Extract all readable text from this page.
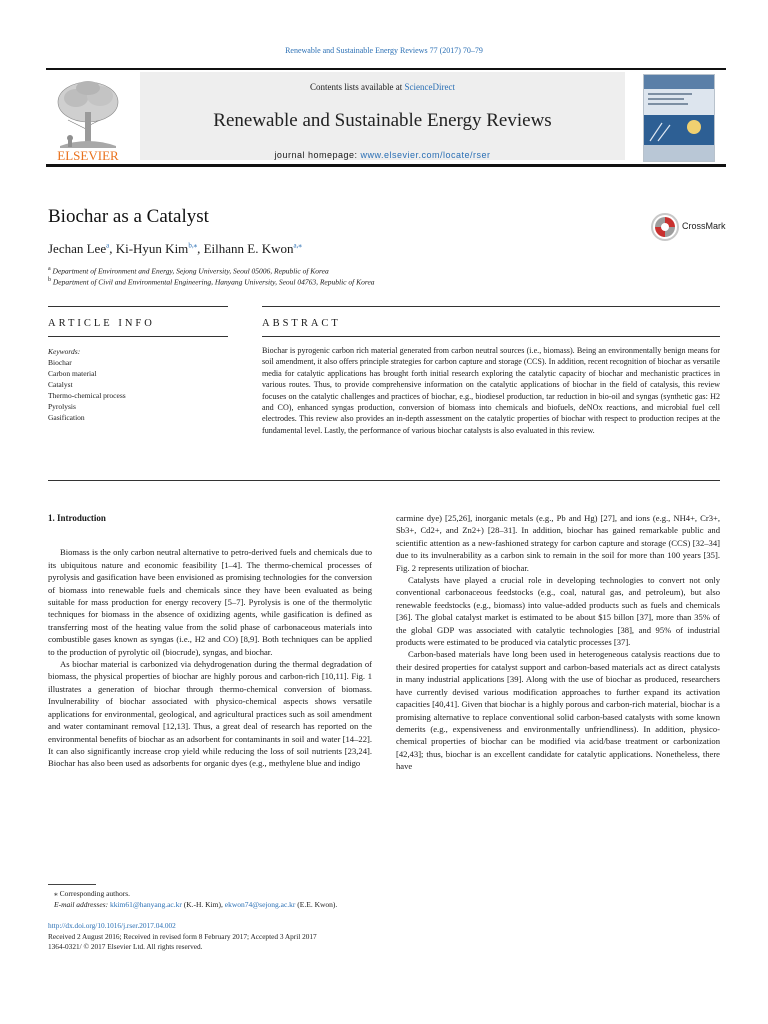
Renewable and Sustainable Energy Reviews 77 (2017) 70–79
ELSEVIER
Contents lists available at ScienceDirect
Renewable and Sustainable Energy Reviews
journal homepage: www.elsevier.com/locate/rser
Biochar as a Catalyst	CrossMark
Jechan Lee$^a$, Ki-Hyun Kim$^{b,⁎}$, Eilhann E. Kwon$^{a,⁎}$
$^a$ Department of Environment and Energy, Sejong University, Seoul 05006, Republic of Korea
$^b$ Department of Civil and Environmental Engineering, Hanyang University, Seoul 04763, Republic of Korea
ARTICLE INFO	ABSTRACT
Keywords:
Biochar
Carbon material
Catalyst
Thermo-chemical process
Pyrolysis
Gasification
Biochar is pyrogenic carbon rich material generated from carbon neutral sources (i.e., biomass). Being an environmentally benign means for soil amendment, it also offers principle strategies for carbon capture and storage (CCS). In addition, recent recognition of biochar as versatile media for catalytic applications has brought forth initial research exploring the catalytic capacity of biochar and mechanistic practices in various routes. Thus, to provide comprehensive information on the catalytic applications of biochar in the field of catalysis, this review focuses on the catalytic challenges and practices of biochar, e.g., biodiesel production, tar reduction in bio-oil and syngas (synthetic gas: H2 and CO), enhanced syngas production, conversion of biomass into chemicals and biofuels, deNOx reactions, and microbial fuel cell electrodes. This review also provides an in-depth assessment on the catalytic properties of biochar with respect to production recipes at the fundamental level. Lastly, the performance of various biochar catalysts is also evaluated in this review.
1. Introduction

Biomass is the only carbon neutral alternative to petro-derived fuels and chemicals due to its ubiquitous nature and economic feasibility [1–4]. The thermo-chemical processes of pyrolysis and gasification have been envisioned as promising technologies for the conversion of biomass into renewable fuels and chemicals since they have been evaluated as being suitable for mass production for energy recovery [5–7]. Pyrolysis is one of the thermolytic techniques for biomass in the absence of oxidizing agents, while gasification is defined as transferring most of the heating value from the solid phase of carbonaceous materials into combustible gases known as syngas (i.e., H2 and CO) [8,9]. Both techniques can be applied to the production of pyrolytic oil (biocrude), syngas, and biochar.

As biochar material is carbonized via dehydrogenation during the thermal degradation of biomass, the physical properties of biochar are highly porous and carbon-rich [10,11]. Fig. 1 illustrates a generation of biochar through thermo-chemical conversion of biomass. Invulnerability of biochar associated with physico-chemical aspects shows versatile applications for environmental, geological, and agricultural practices such as soil amendment and water contaminant removal [12,13]. Thus, a great deal of research has reported on the environmental benefits of biochar as an adsorbent for contaminants in soil and water [14–22]. It can also significantly increase crop yield while reducing the loss of soil nutrients [23,24]. Biochar has also been used as adsorbents for organic dyes (e.g., methylene blue and indigo

carmine dye) [25,26], inorganic metals (e.g., Pb and Hg) [27], and ions (e.g., NH4+, Cr3+, Sb3+, Cd2+, and Zn2+) [28–31]. In addition, biochar has gained remarkable public and scientific attention as a new-fashioned strategy for carbon capture and storage (CCS) [32–34] due to its invulnerability as a carbon sink to remain in the soil for more than 100 years [35]. Fig. 2 represents utilization of biochar.

Catalysts have played a crucial role in developing technologies to convert not only conventional carbonaceous feedstocks (e.g., coal, natural gas, and petroleum), but also renewable feedstocks (e.g., biomass) into value-added products such as fuels and chemicals [36]. The global catalyst market is estimated to be about $15 billon [37], more than 35% of the global GDP was associated with catalytic technologies [38], and 95% of industrial products were estimated to be produced via catalytic processes [37].

Carbon-based materials have long been used in heterogeneous catalysis reactions due to their desired properties for catalyst support and carbon-based materials act as direct catalysts in many industrial applications [39]. Along with the use of biochar as produced, researchers have currently devised various modification approaches to further expand its activation capacities [40,41]. Given that biochar is a highly porous and carbon-rich material, biochar is a promising alternative to replace conventional solid carbon-based catalysts with some known demerits (e.g., expensiveness and environmentally unfriendliness). In addition, physico-chemical properties of biochar can be modified via acid/base treatment or carbonization [42,43]; thus, biochar is an excellent candidate for catalytic applications. Nonetheless, there have

⁎ Corresponding authors.
E-mail addresses: kkim61@hanyang.ac.kr (K.-H. Kim), ekwon74@sejong.ac.kr (E.E. Kwon).
http://dx.doi.org/10.1016/j.rser.2017.04.002
Received 2 August 2016; Received in revised form 8 February 2017; Accepted 3 April 2017
1364-0321/ © 2017 Elsevier Ltd. All rights reserved.
